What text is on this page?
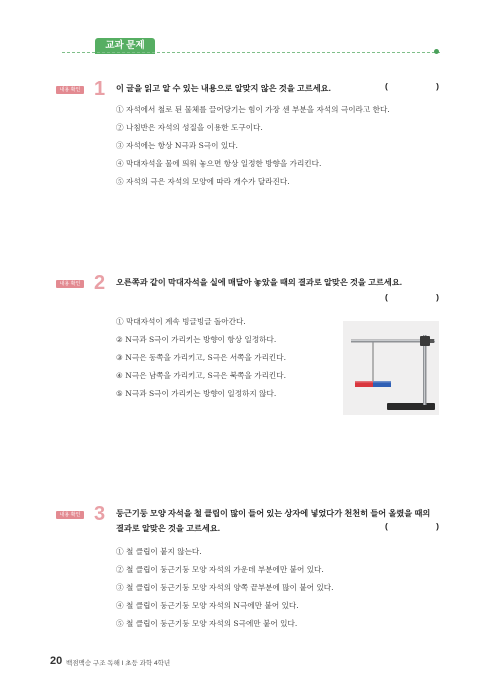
교과 문제
내용 확인 1 이 글을 읽고 알 수 있는 내용으로 알맞지 않은 것을 고르세요.	(	)
① 자석에서 철로 된 물체를 끌어당기는 힘이 가장 센 부분을 자석의 극이라고 한다.
② 나침반은 자석의 성질을 이용한 도구이다.
③ 자석에는 항상 N극과 S극이 있다.
④ 막대자석을 물에 띄워 놓으면 항상 일정한 방향을 가리킨다.
⑤ 자석의 극은 자석의 모양에 따라 개수가 달라진다.
내용 확인 2 오른쪽과 같이 막대자석을 실에 매달아 놓았을 때의 결과로 알맞은 것을 고르세요.
(	)
① 막대자석이 계속 빙글빙글 돌아간다.
② N극과 S극이 가리키는 방향이 항상 일정하다.
③ N극은 동쪽을 가리키고, S극은 서쪽을 가리킨다.
④ N극은 남쪽을 가리키고, S극은 북쪽을 가리킨다.
⑤ N극과 S극이 가리키는 방향이 일정하지 않다.
내용 확인 3 둥근기둥 모양 자석을 철 클립이 많이 들어 있는 상자에 넣었다가 천천히 들어 올렸을 때의
결과로 알맞은 것을 고르세요.	(	)
① 철 클립이 붙지 않는다.
② 철 클립이 둥근기둥 모양 자석의 가운데 부분에만 붙어 있다.
③ 철 클립이 둥근기둥 모양 자석의 양쪽 끝부분에 많이 붙어 있다.
④ 철 클립이 둥근기둥 모양 자석의 N극에만 붙어 있다.
⑤ 철 클립이 둥근기둥 모양 자석의 S극에만 붙어 있다.
20 백점맥승 구조 독해 I 초등 과학 4학년
